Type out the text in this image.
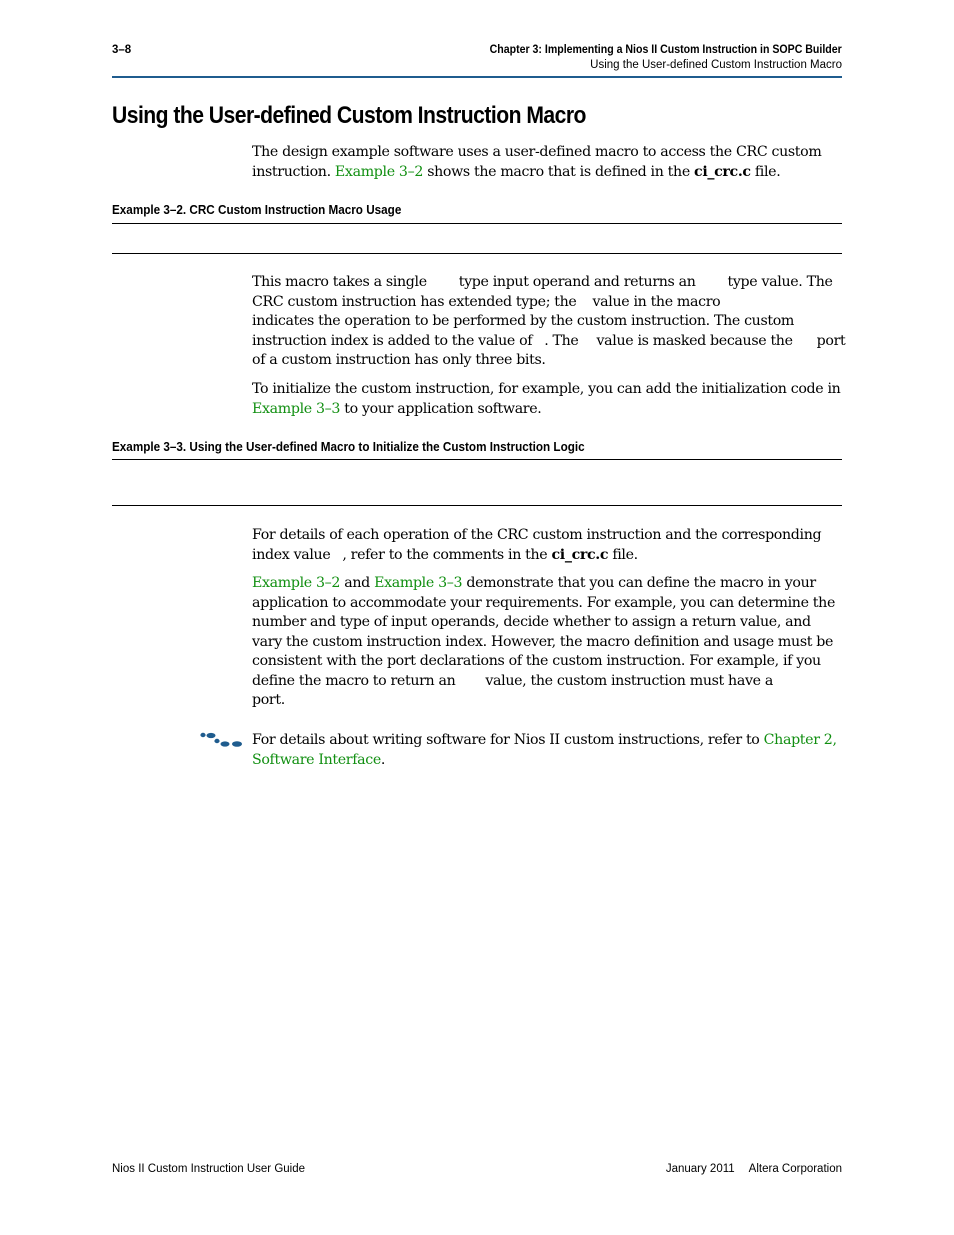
3–8	Chapter 3: Implementing a Nios II Custom Instruction in SOPC Builder
Using the User-defined Custom Instruction Macro
Using the User-defined Custom Instruction Macro
The design example software uses a user-defined macro to access the CRC custom
instruction. Example 3–2 shows the macro that is defined in the ci_crc.c file.
Example 3–2. CRC Custom Instruction Macro Usage
This macro takes a single type input operand and returns an type value. The
CRC custom instruction has extended type; the value in the macro
indicates the operation to be performed by the custom instruction. The custom
instruction index is added to the value of . The value is masked because the port
of a custom instruction has only three bits.
To initialize the custom instruction, for example, you can add the initialization code in
Example 3–3 to your application software.
Example 3–3. Using the User-defined Macro to Initialize the Custom Instruction Logic
For details of each operation of the CRC custom instruction and the corresponding
index value , refer to the comments in the ci_crc.c file.
Example 3–2 and Example 3–3 demonstrate that you can define the macro in your
application to accommodate your requirements. For example, you can determine the
number and type of input operands, decide whether to assign a return value, and
vary the custom instruction index. However, the macro definition and usage must be
consistent with the port declarations of the custom instruction. For example, if you
define the macro to return an value, the custom instruction must have a
port.
For details about writing software for Nios II custom instructions, refer to Chapter 2,
Software Interface.
Nios II Custom Instruction User Guide	January 2011 Altera Corporation
